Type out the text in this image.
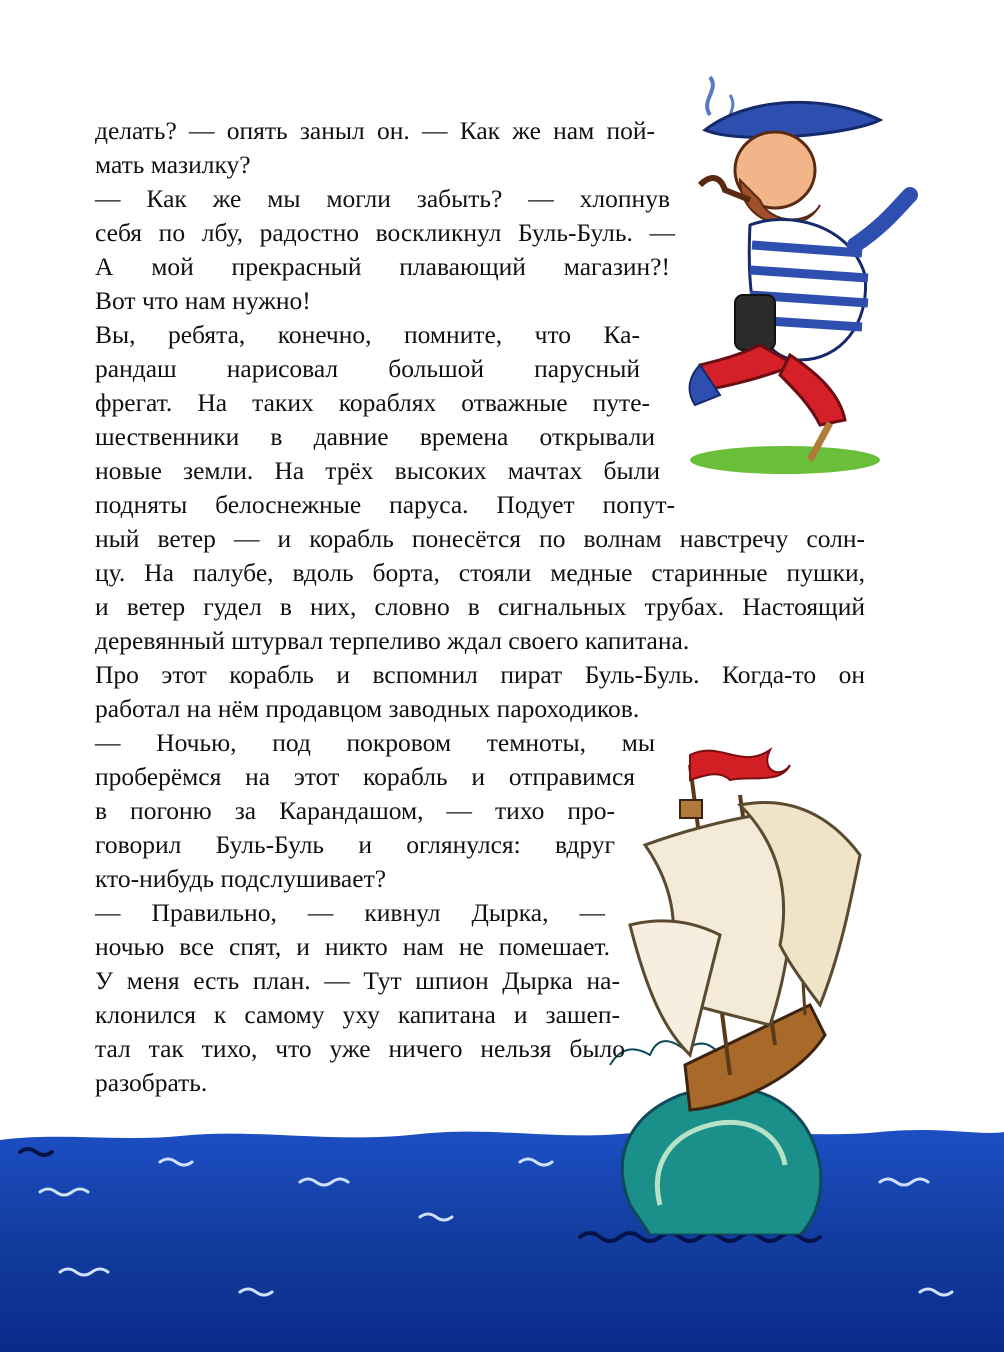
делать? — опять заныл он. — Как же нам пой-
мать мазилку?
— Как же мы могли забыть? — хлопнув
себя по лбу, радостно воскликнул Буль-Буль. —
А мой прекрасный плавающий магазин?!
Вот что нам нужно!
Вы, ребята, конечно, помните, что Ка-
рандаш нарисовал большой парусный
фрегат. На таких кораблях отважные путе-
шественники в давние времена открывали
новые земли. На трёх высоких мачтах были
подняты белоснежные паруса. Подует попут-
ный ветер — и корабль понесётся по волнам навстречу солн-
цу. На палубе, вдоль борта, стояли медные старинные пушки,
и ветер гудел в них, словно в сигнальных трубах. Настоящий
деревянный штурвал терпеливо ждал своего капитана.
Про этот корабль и вспомнил пират Буль-Буль. Когда-то он
работал на нём продавцом заводных пароходиков.
— Ночью, под покровом темноты, мы
проберёмся на этот корабль и отправимся
в погоню за Карандашом, — тихо про-
говорил Буль-Буль и оглянулся: вдруг
кто-нибудь подслушивает?
— Правильно, — кивнул Дырка, —
ночью все спят, и никто нам не помешает.
У меня есть план. — Тут шпион Дырка на-
клонился к самому уху капитана и зашеп-
тал так тихо, что уже ничего нельзя было
разобрать.
